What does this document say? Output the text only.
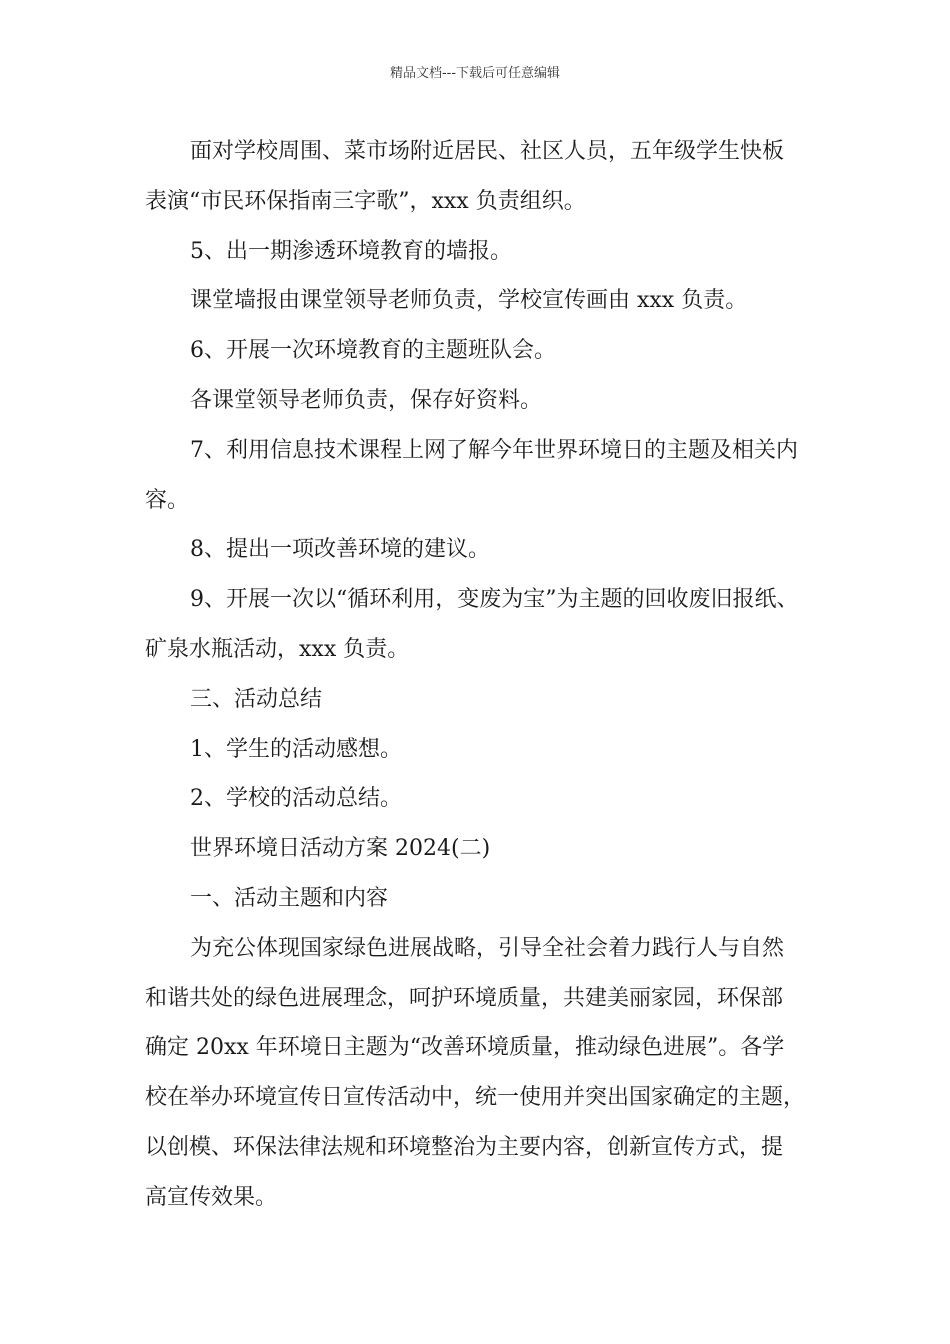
精品文档---下载后可任意编辑

面对学校周围、菜市场附近居民、社区人员，五年级学生快板

表演“市民环保指南三字歌”，xxx 负责组织。

5、出一期渗透环境教育的墙报。

课堂墙报由课堂领导老师负责，学校宣传画由 xxx 负责。

6、开展一次环境教育的主题班队会。

各课堂领导老师负责，保存好资料。

7、利用信息技术课程上网了解今年世界环境日的主题及相关内

容。

8、提出一项改善环境的建议。

9、开展一次以“循环利用，变废为宝”为主题的回收废旧报纸、

矿泉水瓶活动，xxx 负责。

三、活动总结

1、学生的活动感想。

2、学校的活动总结。

世界环境日活动方案 2024(二)

一、活动主题和内容

为充公体现国家绿色进展战略，引导全社会着力践行人与自然

和谐共处的绿色进展理念，呵护环境质量，共建美丽家园，环保部

确定 20xx 年环境日主题为“改善环境质量，推动绿色进展”。各学

校在举办环境宣传日宣传活动中，统一使用并突出国家确定的主题，

以创模、环保法律法规和环境整治为主要内容，创新宣传方式，提

高宣传效果。
